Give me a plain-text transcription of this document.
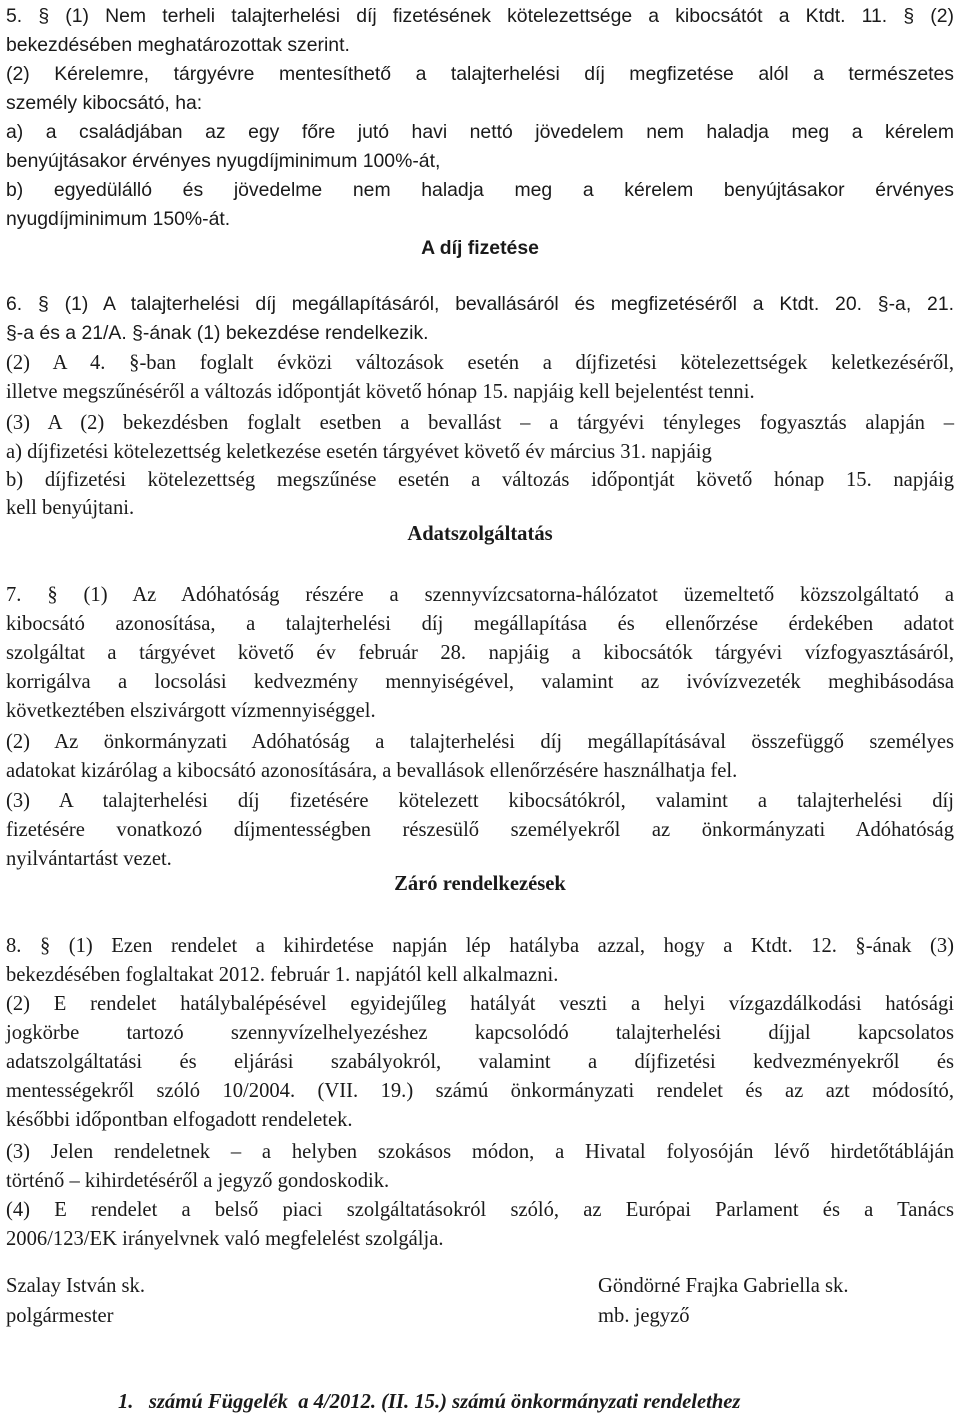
5. § (1) Nem terheli talajterhelési díj fizetésének kötelezettsége a kibocsátót a Ktdt. 11. § (2)
bekezdésében meghatározottak szerint.
(2) Kérelemre, tárgyévre mentesíthető a talajterhelési díj megfizetése alól a természetes
személy kibocsátó, ha:
a) a családjában az egy főre jutó havi nettó jövedelem nem haladja meg a kérelem
benyújtásakor érvényes nyugdíjminimum 100%-át,
b) egyedülálló és jövedelme nem haladja meg a kérelem benyújtásakor érvényes
nyugdíjminimum 150%-át.
A díj fizetése
6. § (1) A talajterhelési díj megállapításáról, bevallásáról és megfizetéséről a Ktdt. 20. §-a, 21.
§-a és a 21/A. §-ának (1) bekezdése rendelkezik.
(2) A 4. §-ban foglalt évközi változások esetén a díjfizetési kötelezettségek keletkezéséről,
illetve megszűnéséről a változás időpontját követő hónap 15. napjáig kell bejelentést tenni.
(3) A (2) bekezdésben foglalt esetben a bevallást – a tárgyévi tényleges fogyasztás alapján –
a) díjfizetési kötelezettség keletkezése esetén tárgyévet követő év március 31. napjáig
b) díjfizetési kötelezettség megszűnése esetén a változás időpontját követő hónap 15. napjáig
kell benyújtani.
Adatszolgáltatás
7. § (1) Az Adóhatóság részére a szennyvízcsatorna-hálózatot üzemeltető közszolgáltató a
kibocsátó azonosítása, a talajterhelési díj megállapítása és ellenőrzése érdekében adatot
szolgáltat a tárgyévet követő év február 28. napjáig a kibocsátók tárgyévi vízfogyasztásáról,
korrigálva a locsolási kedvezmény mennyiségével, valamint az ivóvízvezeték meghibásodása
következtében elszivárgott vízmennyiséggel.
(2) Az önkormányzati Adóhatóság a talajterhelési díj megállapításával összefüggő személyes
adatokat kizárólag a kibocsátó azonosítására, a bevallások ellenőrzésére használhatja fel.
(3) A talajterhelési díj fizetésére kötelezett kibocsátókról, valamint a talajterhelési díj
fizetésére vonatkozó díjmentességben részesülő személyekről az önkormányzati Adóhatóság
nyilvántartást vezet.
Záró rendelkezések
8. § (1) Ezen rendelet a kihirdetése napján lép hatályba azzal, hogy a Ktdt. 12. §-ának (3)
bekezdésében foglaltakat 2012. február 1. napjától kell alkalmazni.
(2) E rendelet hatálybalépésével egyidejűleg hatályát veszti a helyi vízgazdálkodási hatósági
jogkörbe tartozó szennyvízelhelyezéshez kapcsolódó talajterhelési díjjal kapcsolatos
adatszolgáltatási és eljárási szabályokról, valamint a díjfizetési kedvezményekről és
mentességekről szóló 10/2004. (VII. 19.) számú önkormányzati rendelet és az azt módosító,
későbbi időpontban elfogadott rendeletek.
(3) Jelen rendeletnek – a helyben szokásos módon, a Hivatal folyosóján lévő hirdetőtábláján
történő – kihirdetéséről a jegyző gondoskodik.
(4) E rendelet a belső piaci szolgáltatásokról szóló, az Európai Parlament és a Tanács
2006/123/EK irányelvnek való megfelelést szolgálja.
Szalay István sk.
polgármester
Göndörné Frajka Gabriella sk.
mb. jegyző
1.   számú Függelék  a 4/2012. (II. 15.) számú önkormányzati rendelethez
